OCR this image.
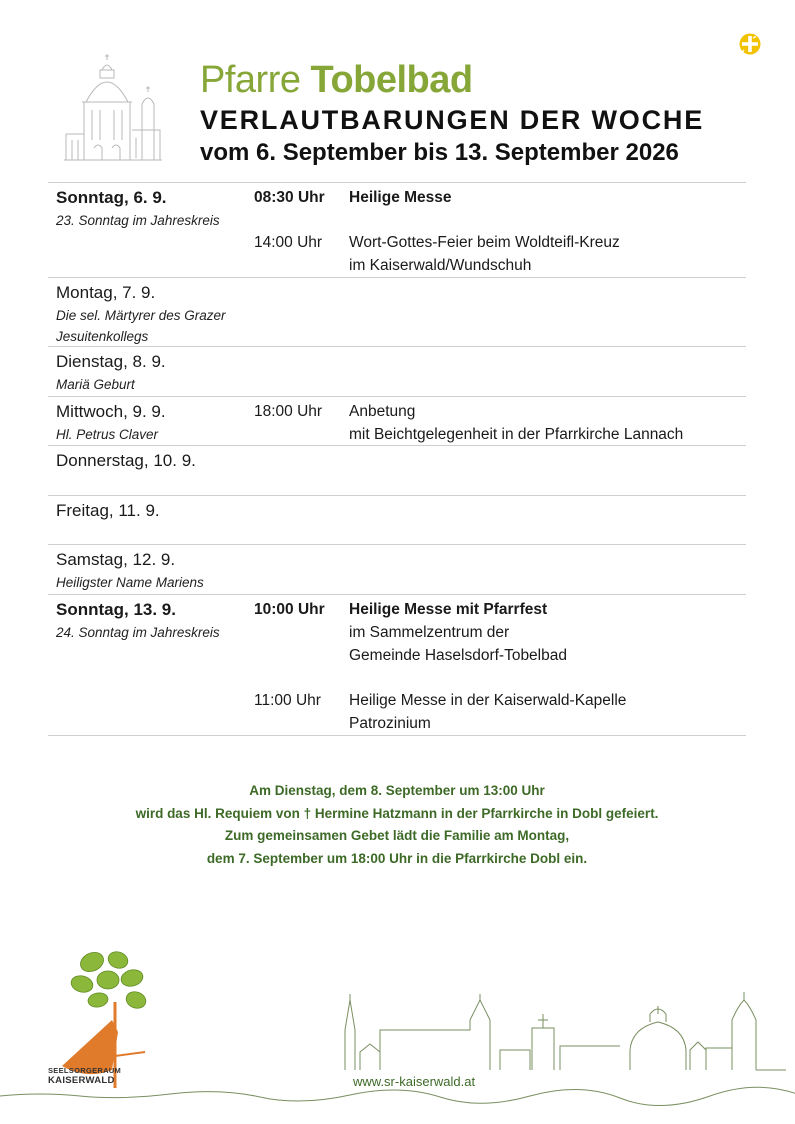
Pfarre Tobelbad
VERLAUTBARUNGEN DER WOCHE
vom 6. September bis 13. September 2026
Sonntag, 6. 9.
23. Sonntag im Jahreskreis
08:30 Uhr	Heilige Messe
14:00 Uhr	Wort-Gottes-Feier beim Woldteifl-Kreuz
im Kaiserwald/Wundschuh
Montag, 7. 9.
Die sel. Märtyrer des Grazer Jesuitenkollegs
Dienstag, 8. 9.
Mariä Geburt
Mittwoch, 9. 9.
Hl. Petrus Claver
18:00 Uhr	Anbetung
mit Beichtgelegenheit in der Pfarrkirche Lannach
Donnerstag, 10. 9.
Freitag, 11. 9.
Samstag, 12. 9.
Heiligster Name Mariens
Sonntag, 13. 9.
24. Sonntag im Jahreskreis
10:00 Uhr	Heilige Messe mit Pfarrfest
im Sammelzentrum der
Gemeinde Haselsdorf-Tobelbad
11:00 Uhr	Heilige Messe in der Kaiserwald-Kapelle
Patrozinium
Am Dienstag, dem 8. September um 13:00 Uhr
wird das Hl. Requiem von † Hermine Hatzmann in der Pfarrkirche in Dobl gefeiert.
Zum gemeinsamen Gebet lädt die Familie am Montag,
dem 7. September um 18:00 Uhr in die Pfarrkirche Dobl ein.
SEELSORGERAUM
KAISERWALD	www.sr-kaiserwald.at
